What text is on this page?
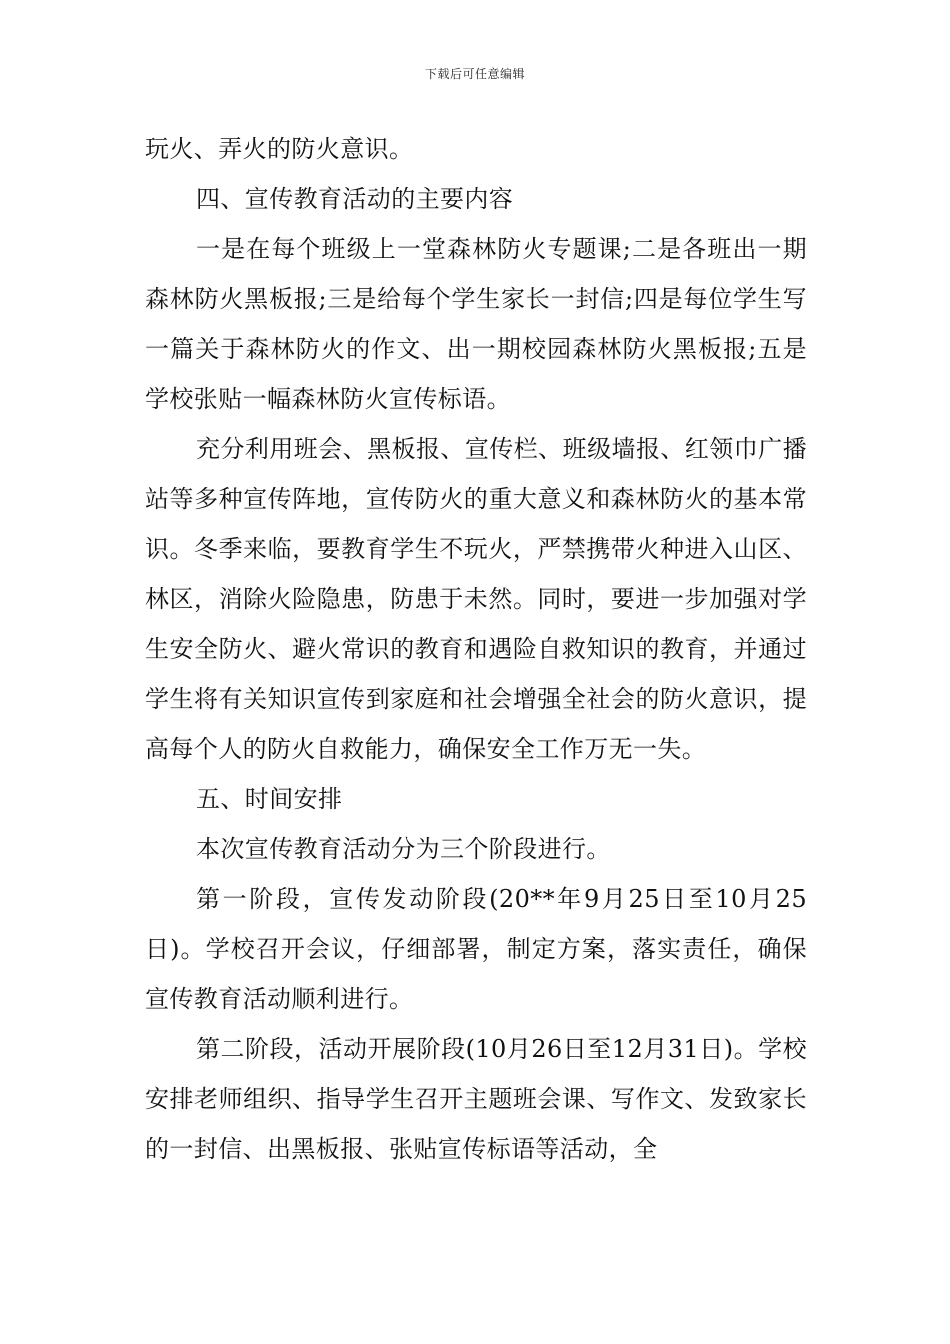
下载后可任意编辑

玩火、弄火的防火意识。

四、宣传教育活动的主要内容

一是在每个班级上一堂森林防火专题课;二是各班出一期森林防火黑板报;三是给每个学生家长一封信;四是每位学生写一篇关于森林防火的作文、出一期校园森林防火黑板报;五是学校张贴一幅森林防火宣传标语。

充分利用班会、黑板报、宣传栏、班级墙报、红领巾广播站等多种宣传阵地，宣传防火的重大意义和森林防火的基本常识。冬季来临，要教育学生不玩火，严禁携带火种进入山区、林区，消除火险隐患，防患于未然。同时，要进一步加强对学生安全防火、避火常识的教育和遇险自救知识的教育，并通过学生将有关知识宣传到家庭和社会增强全社会的防火意识，提高每个人的防火自救能力，确保安全工作万无一失。

五、时间安排

本次宣传教育活动分为三个阶段进行。

第一阶段，宣传发动阶段(20**年9月25日至10月25日)。学校召开会议，仔细部署，制定方案，落实责任，确保宣传教育活动顺利进行。

第二阶段，活动开展阶段(10月26日至12月31日)。学校安排老师组织、指导学生召开主题班会课、写作文、发致家长的一封信、出黑板报、张贴宣传标语等活动，全
